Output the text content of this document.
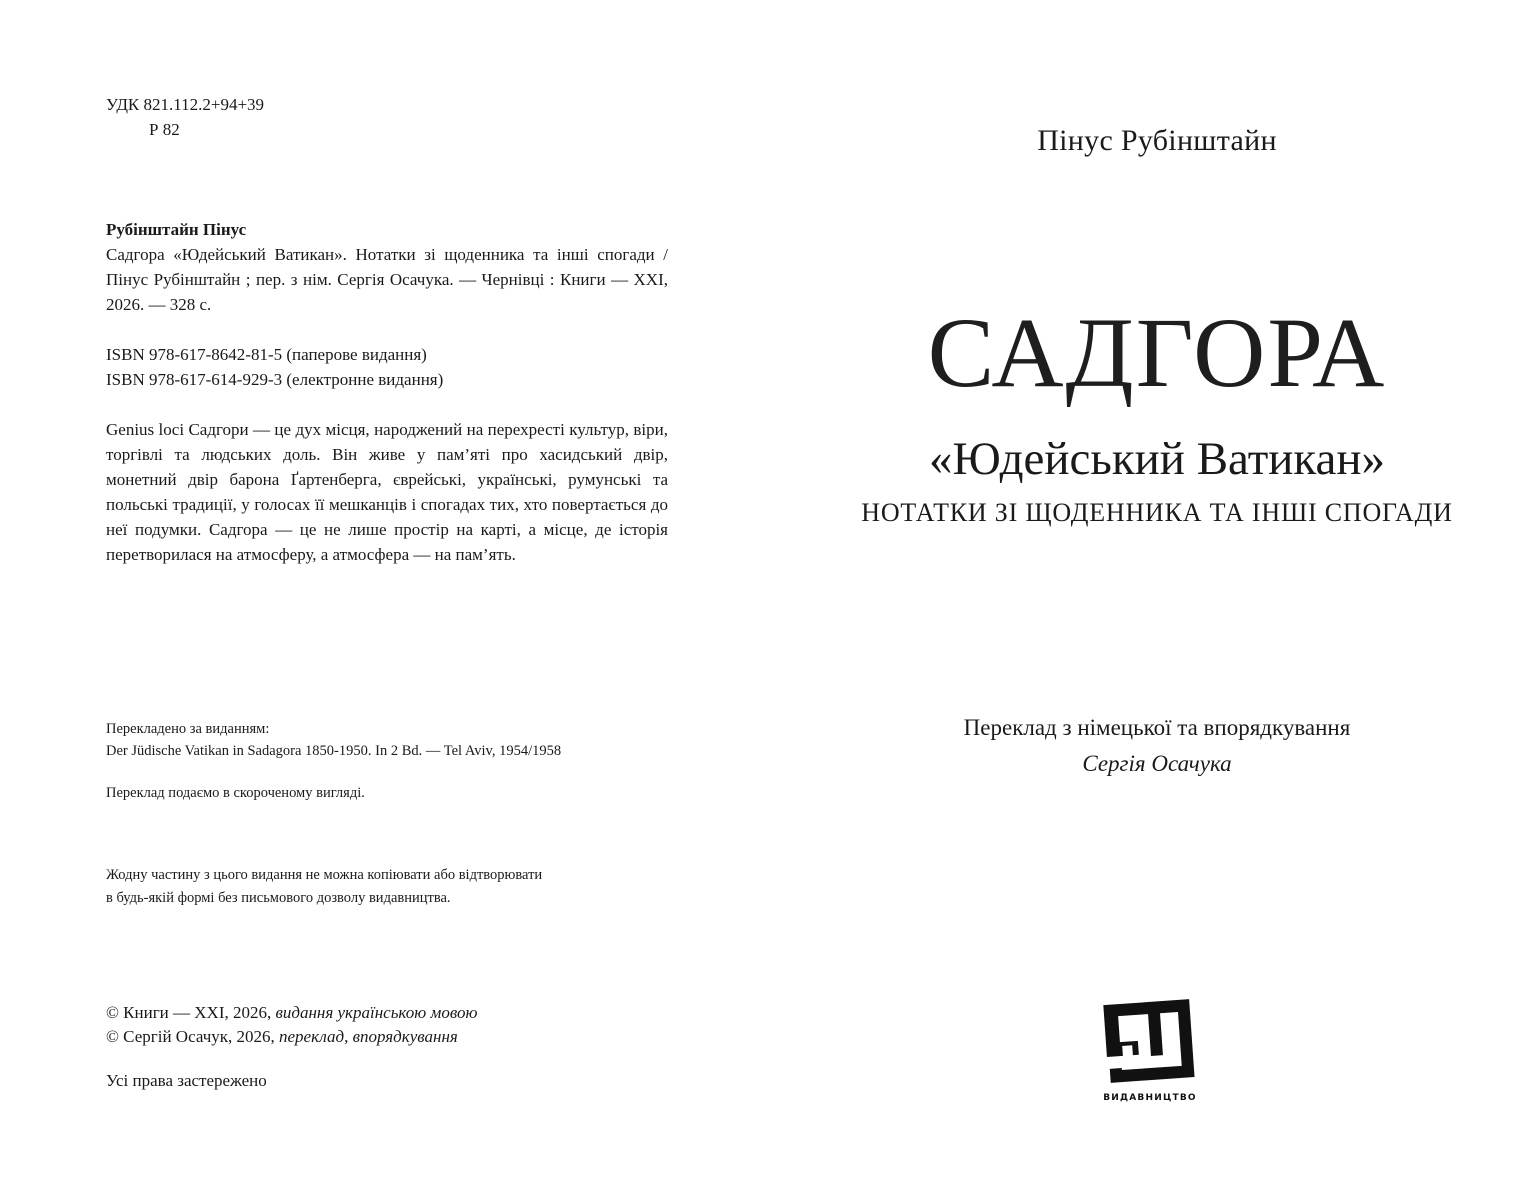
УДК 821.112.2+94+39
Р 82
Рубінштайн Пінус
Садгора «Юдейський Ватикан». Нотатки зі щоденника та інші спогади / Пінус Рубінштайн ; пер. з нім. Сергія Осачука. — Чернівці : Книги — ХХІ, 2026. — 328 с.
ISBN 978-617-8642-81-5 (паперове видання)
ISBN 978-617-614-929-3 (електронне видання)
Genius loci Садгори — це дух місця, народжений на перехресті культур, віри, торгівлі та людських доль. Він живе у пам’яті про хасидський двір, монетний двір барона Ґартенберга, єврейські, українські, румунські та польські традиції, у голосах її мешканців і спогадах тих, хто повертається до неї подумки. Садгора — це не лише простір на карті, а місце, де історія перетворилася на атмосферу, а атмосфера — на пам’ять.
Перекладено за виданням:
Der Jüdische Vatikan in Sadagora 1850-1950. In 2 Bd. — Tel Aviv, 1954/1958
Переклад подаємо в скороченому вигляді.
Жодну частину з цього видання не можна копіювати або відтворювати
в будь-якій формі без письмового дозволу видавництва.
© Книги — ХХІ, 2026, видання українською мовою
© Сергій Осачук, 2026, переклад, впорядкування
Усі права застережено
Пінус Рубінштайн
САДГОРА
«Юдейський Ватикан»
НОТАТКИ ЗІ ЩОДЕННИКА ТА ІНШІ СПОГАДИ
Переклад з німецької та впорядкування
Сергія Осачука
ВИДАВНИЦТВО
